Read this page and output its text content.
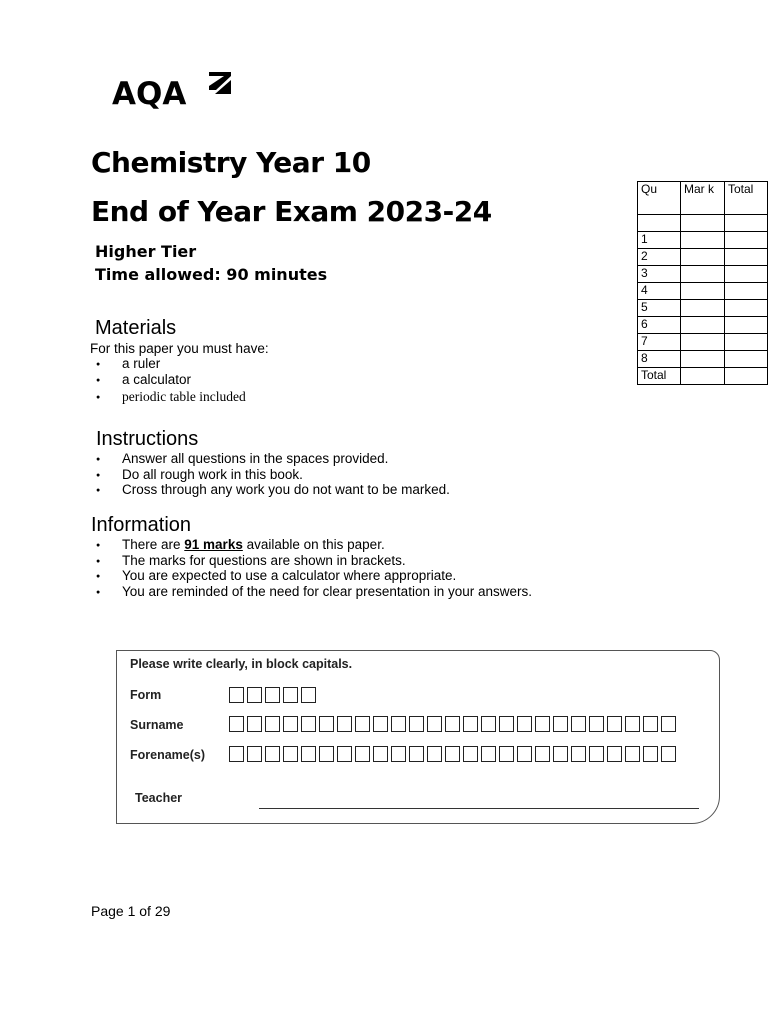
AQA
Chemistry Year 10
End of Year Exam 2023-24
Higher Tier
Time allowed: 90 minutes
Qu	Mar k	Total

1		
2		
3		
4		
5		
6		
7		
8		
Total		
Materials
For this paper you must have:
● a ruler
● a calculator
● periodic table included
Instructions
● Answer all questions in the spaces provided.
● Do all rough work in this book.
● Cross through any work you do not want to be marked.
Information
● There are 91 marks available on this paper.
● The marks for questions are shown in brackets.
● You are expected to use a calculator where appropriate.
● You are reminded of the need for clear presentation in your answers.
Please write clearly, in block capitals.
Form
Surname
Forename(s)
Teacher
Page 1 of 29
